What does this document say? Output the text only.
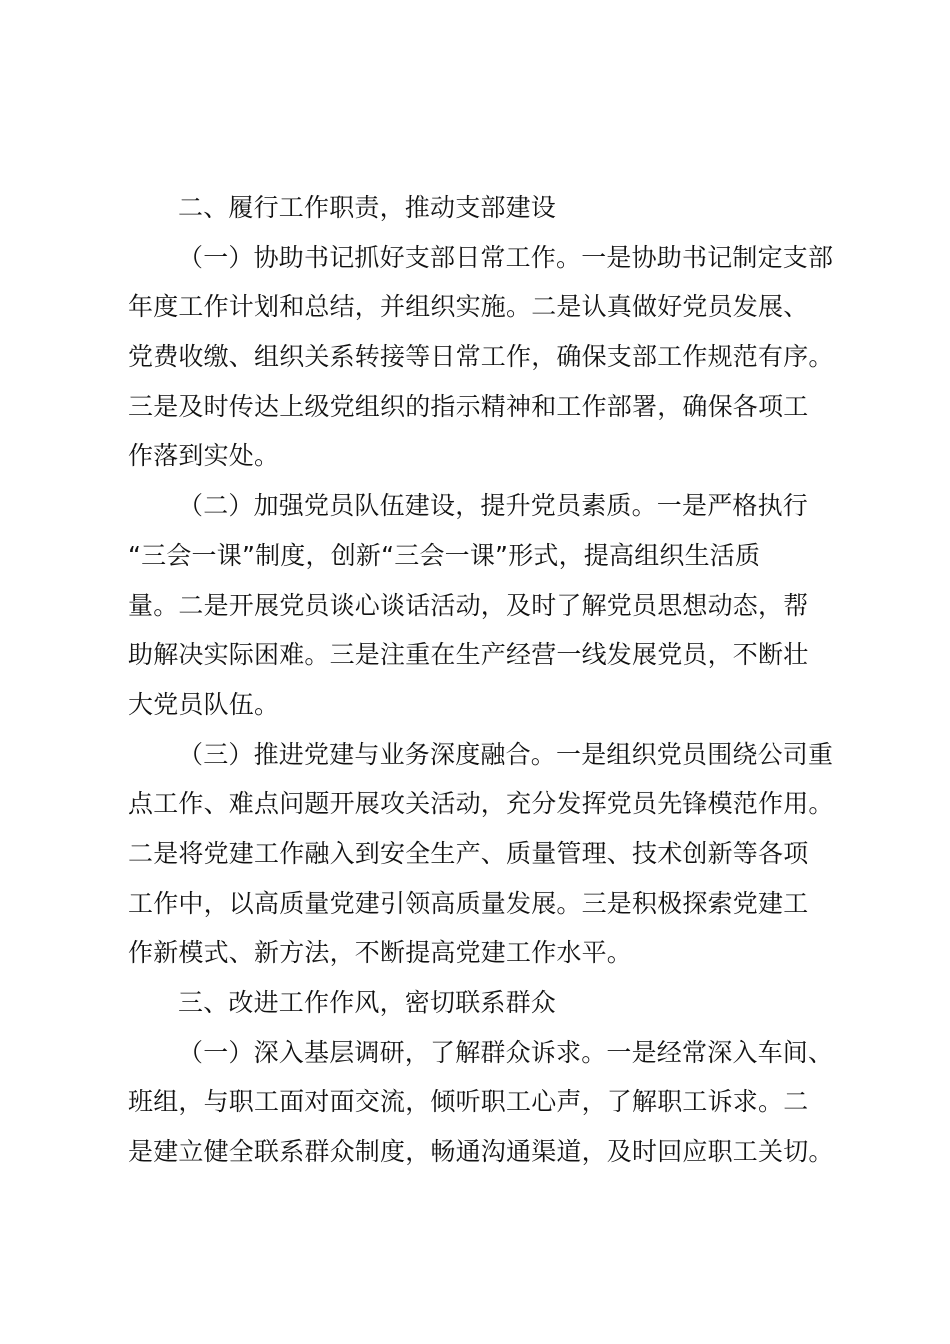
二、履行工作职责，推动支部建设
（一）协助书记抓好支部日常工作。一是协助书记制定支部
年度工作计划和总结，并组织实施。二是认真做好党员发展、
党费收缴、组织关系转接等日常工作，确保支部工作规范有序。
三是及时传达上级党组织的指示精神和工作部署，确保各项工
作落到实处。
（二）加强党员队伍建设，提升党员素质。一是严格执行
“三会一课”制度，创新“三会一课”形式，提高组织生活质
量。二是开展党员谈心谈话活动，及时了解党员思想动态，帮
助解决实际困难。三是注重在生产经营一线发展党员，不断壮
大党员队伍。
（三）推进党建与业务深度融合。一是组织党员围绕公司重
点工作、难点问题开展攻关活动，充分发挥党员先锋模范作用。
二是将党建工作融入到安全生产、质量管理、技术创新等各项
工作中，以高质量党建引领高质量发展。三是积极探索党建工
作新模式、新方法，不断提高党建工作水平。
三、改进工作作风，密切联系群众
（一）深入基层调研，了解群众诉求。一是经常深入车间、
班组，与职工面对面交流，倾听职工心声，了解职工诉求。二
是建立健全联系群众制度，畅通沟通渠道，及时回应职工关切。
